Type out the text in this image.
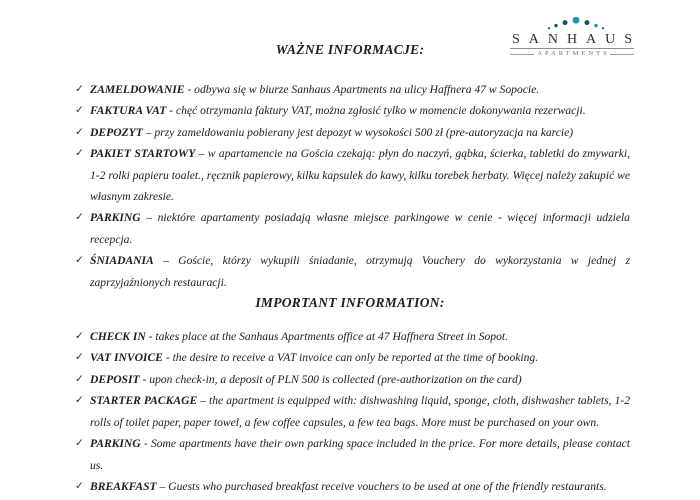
SANHAUS
APARTMENTS
WAŻNE INFORMACJE:
✓ ZAMELDOWANIE - odbywa się w biurze Sanhaus Apartments na ulicy Haffnera 47 w Sopocie.
✓ FAKTURA VAT - chęć otrzymania faktury VAT, można zgłosić tylko w momencie dokonywania rezerwacji.
✓ DEPOZYT – przy zameldowaniu pobierany jest depozyt w wysokości 500 zł (pre-autoryzacja na karcie)
✓ PAKIET STARTOWY – w apartamencie na Gościa czekają: płyn do naczyń, gąbka, ścierka, tabletki do zmywarki, 1-2 rolki papieru toalet., ręcznik papierowy, kilku kapsulek do kawy, kilku torebek herbaty. Więcej należy zakupić we własnym zakresie.
✓ PARKING – niektóre apartamenty posiadają własne miejsce parkingowe w cenie - więcej informacji udziela recepcja.
✓ ŚNIADANIA – Goście, którzy wykupili śniadanie, otrzymują Vouchery do wykorzystania w jednej z zaprzyjaźnionych restauracji.
IMPORTANT INFORMATION:
✓ CHECK IN - takes place at the Sanhaus Apartments office at 47 Haffnera Street in Sopot.
✓ VAT INVOICE - the desire to receive a VAT invoice can only be reported at the time of booking.
✓ DEPOSIT - upon check-in, a deposit of PLN 500 is collected (pre-authorization on the card)
✓ STARTER PACKAGE – the apartment is equipped with: dishwashing liquid, sponge, cloth, dishwasher tablets, 1-2 rolls of toilet paper, paper towel, a few coffee capsules, a few tea bags. More must be purchased on your own.
✓ PARKING - Some apartments have their own parking space included in the price. For more details, please contact us.
✓ BREAKFAST – Guests who purchased breakfast receive vouchers to be used at one of the friendly restaurants.
